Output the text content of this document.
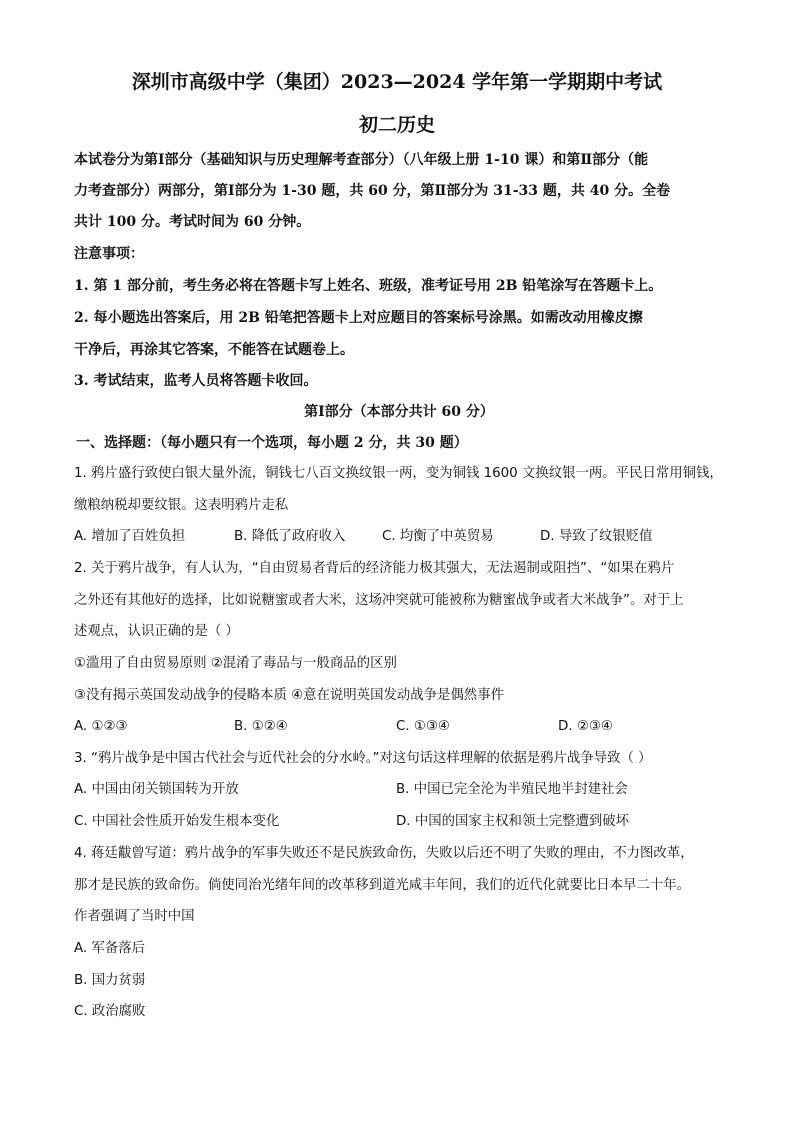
深圳市高级中学（集团）2023—2024 学年第一学期期中考试
初二历史
本试卷分为第Ⅰ部分（基础知识与历史理解考查部分）（八年级上册 1-10 课）和第Ⅱ部分（能
力考查部分）两部分，第Ⅰ部分为 1-30 题，共 60 分，第Ⅱ部分为 31-33 题，共 40 分。全卷
共计 100 分。考试时间为 60 分钟。
注意事项：
1. 第 1 部分前，考生务必将在答题卡写上姓名、班级，准考证号用 2B 铅笔涂写在答题卡上。
2. 每小题选出答案后，用 2B 铅笔把答题卡上对应题目的答案标号涂黑。如需改动用橡皮擦
干净后，再涂其它答案，不能答在试题卷上。
3. 考试结束，监考人员将答题卡收回。
第Ⅰ部分（本部分共计 60 分）
一、选择题：（每小题只有一个选项，每小题 2 分，共 30 题）
1. 鸦片盛行致使白银大量外流，铜钱七八百文换纹银一两，变为铜钱 1600 文换纹银一两。平民日常用铜钱，
缴粮纳税却要纹银。这表明鸦片走私
A. 增加了百姓负担	B. 降低了政府收入	C. 均衡了中英贸易	D. 导致了纹银贬值
2. 关于鸦片战争，有人认为，“自由贸易者背后的经济能力极其强大，无法遏制或阻挡”、“如果在鸦片
之外还有其他好的选择，比如说糖蜜或者大米，这场冲突就可能被称为糖蜜战争或者大米战争”。对于上
述观点，认识正确的是（ ）
①滥用了自由贸易原则 ②混淆了毒品与一般商品的区别
③没有揭示英国发动战争的侵略本质 ④意在说明英国发动战争是偶然事件
A. ①②③	B. ①②④	C. ①③④	D. ②③④
3. “鸦片战争是中国古代社会与近代社会的分水岭。”对这句话这样理解的依据是鸦片战争导致（ ）
A. 中国由闭关锁国转为开放	B. 中国已完全沦为半殖民地半封建社会
C. 中国社会性质开始发生根本变化	D. 中国的国家主权和领土完整遭到破坏
4. 蒋廷黻曾写道：鸦片战争的军事失败还不是民族致命伤，失败以后还不明了失败的理由，不力图改革，
那才是民族的致命伤。倘使同治光绪年间的改革移到道光咸丰年间，我们的近代化就要比日本早二十年。
作者强调了当时中国
A. 军备落后
B. 国力贫弱
C. 政治腐败
